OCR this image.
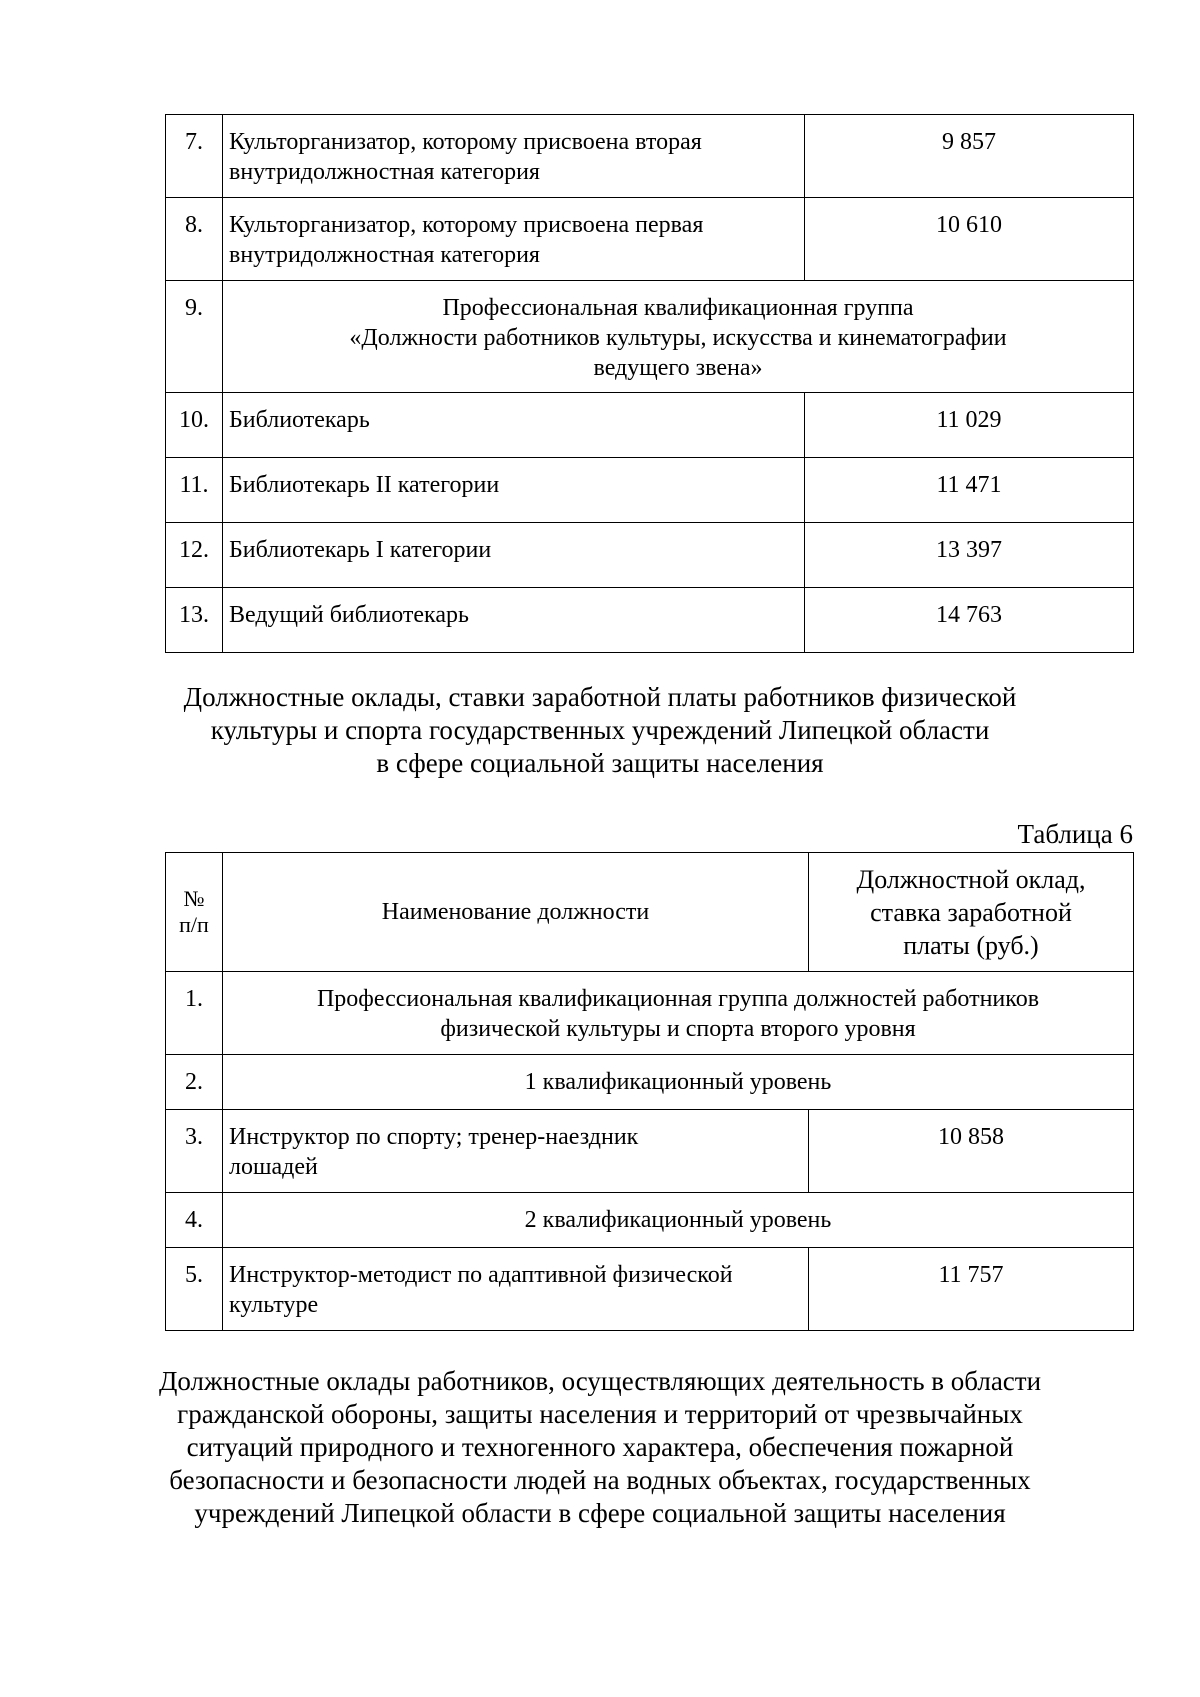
7.	Культорганизатор, которому присвоена вторая
внутридолжностная категория	9 857
8.	Культорганизатор, которому присвоена первая
внутридолжностная категория	10 610
9.	Профессиональная квалификационная группа
«Должности работников культуры, искусства и кинематографии
ведущего звена»	

10.	Библиотекарь	11 029
11.	Библиотекарь II категории	11 471
12.	Библиотекарь I категории	13 397
13.	Ведущий библиотекарь	14 763
Должностные оклады, ставки заработной платы работников физической
культуры и спорта государственных учреждений Липецкой области
в сфере социальной защиты населения
Таблица 6
№
п/п	Наименование должности	Должностной оклад,
ставка заработной
платы (руб.)

1.	Профессиональная квалификационная группа должностей работников
физической культуры и спорта второго уровня	

2.	1 квалификационный уровень	
3.	Инструктор по спорту; тренер-наездник
лошадей	10 858
4.	2 квалификационный уровень	
5.	Инструктор-методист по адаптивной физической
культуре	11 757
Должностные оклады работников, осуществляющих деятельность в области
гражданской обороны, защиты населения и территорий от чрезвычайных
ситуаций природного и техногенного характера, обеспечения пожарной
безопасности и безопасности людей на водных объектах, государственных
учреждений Липецкой области в сфере социальной защиты населения
